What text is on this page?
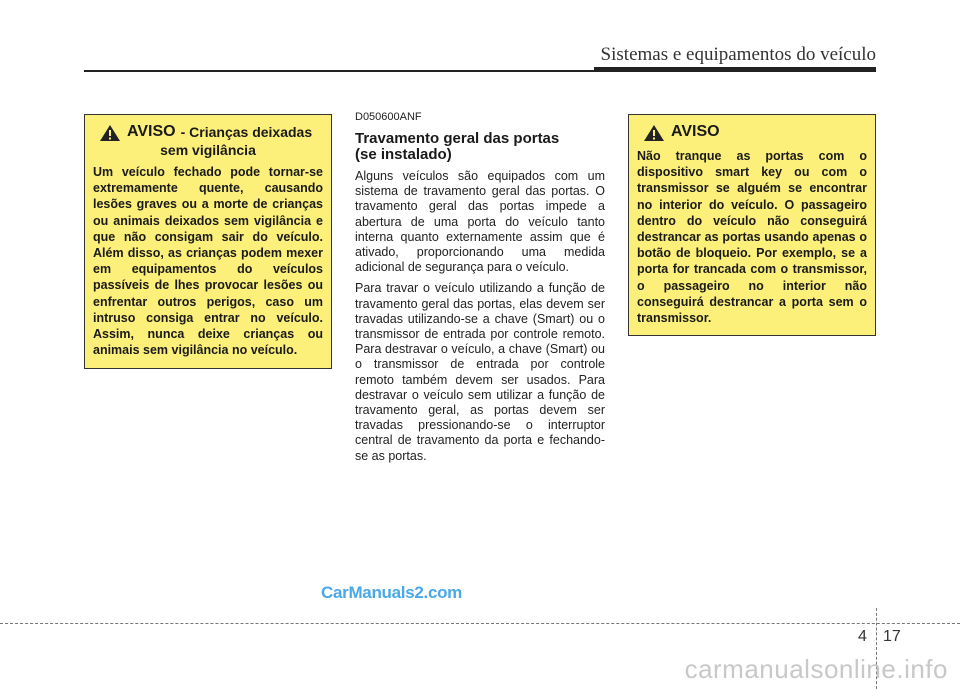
Sistemas e equipamentos do veículo
AVISO - Crianças deixadas
sem vigilância

Um veículo fechado pode tornar-se extremamente quente, causando lesões graves ou a morte de crianças ou animais deixados sem vigilância e que não consigam sair do veículo. Além disso, as crianças podem mexer em equipamentos do veículos passíveis de lhes provocar lesões ou enfrentar outros perigos, caso um intruso consiga entrar no veículo. Assim, nunca deixe crianças ou animais sem vigilância no veículo.

D050600ANF

Travamento geral das portas
(se instalado)

Alguns veículos são equipados com um sistema de travamento geral das portas. O travamento geral das portas impede a abertura de uma porta do veículo tanto interna quanto externamente assim que é ativado, proporcionando uma medida adicional de segurança para o veículo.

Para travar o veículo utilizando a função de travamento geral das portas, elas devem ser travadas utilizando-se a chave (Smart) ou o transmissor de entrada por controle remoto. Para destravar o veículo, a chave (Smart) ou o transmissor de entrada por controle remoto também devem ser usados. Para destravar o veículo sem utilizar a função de travamento geral, as portas devem ser travadas pressionando-se o interruptor central de travamento da porta e fechando-se as portas.

AVISO

Não tranque as portas com o dispositivo smart key ou com o transmissor se alguém se encontrar no interior do veículo. O passageiro dentro do veículo não conseguirá destrancar as portas usando apenas o botão de bloqueio. Por exemplo, se a porta for trancada com o transmissor, o passageiro no interior não conseguirá destrancar a porta sem o transmissor.

CarManuals2.com
4 17
carmanualsonline.info
